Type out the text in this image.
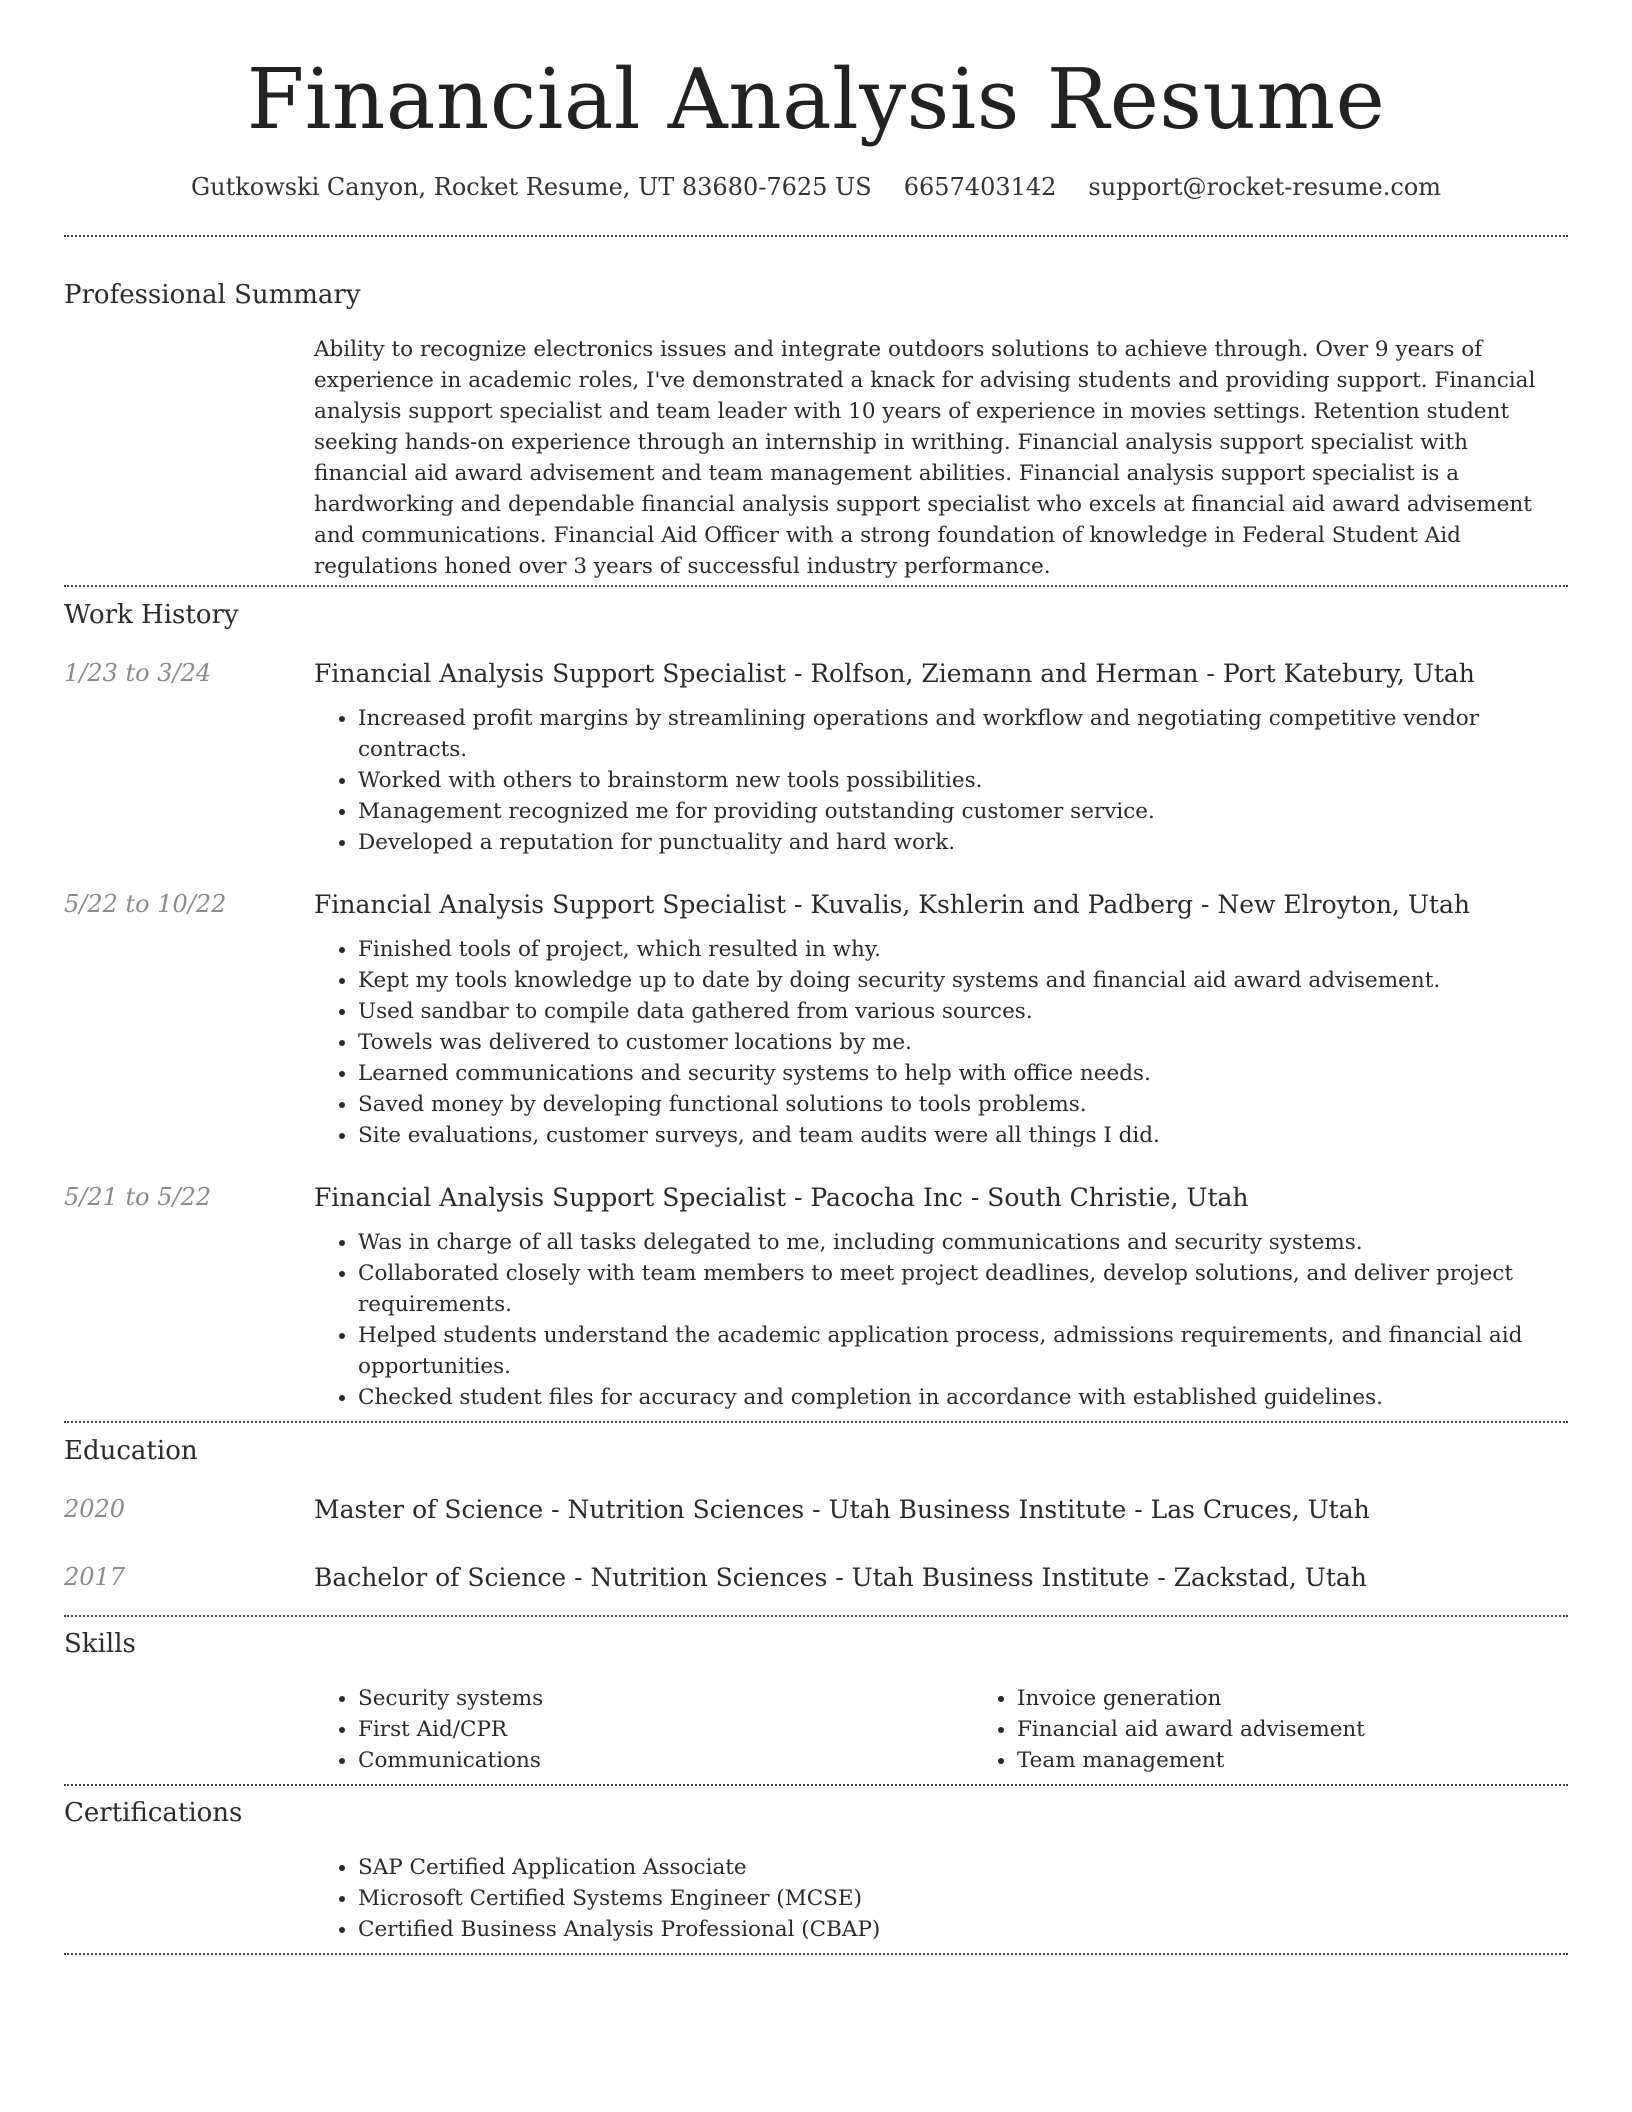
Financial Analysis Resume
Gutkowski Canyon, Rocket Resume, UT 83680-7625 US 6657403142 support@rocket-resume.com
Professional Summary

Ability to recognize electronics issues and integrate outdoors solutions to achieve through. Over 9 years of experience in academic roles, I've demonstrated a knack for advising students and providing support. Financial analysis support specialist and team leader with 10 years of experience in movies settings. Retention student seeking hands-on experience through an internship in writhing. Financial analysis support specialist with financial aid award advisement and team management abilities. Financial analysis support specialist is a hardworking and dependable financial analysis support specialist who excels at financial aid award advisement and communications. Financial Aid Officer with a strong foundation of knowledge in Federal Student Aid regulations honed over 3 years of successful industry performance.

Work History
1/23 to 3/24	Financial Analysis Support Specialist - Rolfson, Ziemann and Herman - Port Katebury, Utah
• Increased profit margins by streamlining operations and workflow and negotiating competitive vendor contracts.
• Worked with others to brainstorm new tools possibilities.
• Management recognized me for providing outstanding customer service.
• Developed a reputation for punctuality and hard work.
5/22 to 10/22	Financial Analysis Support Specialist - Kuvalis, Kshlerin and Padberg - New Elroyton, Utah
• Finished tools of project, which resulted in why.
• Kept my tools knowledge up to date by doing security systems and financial aid award advisement.
• Used sandbar to compile data gathered from various sources.
• Towels was delivered to customer locations by me.
• Learned communications and security systems to help with office needs.
• Saved money by developing functional solutions to tools problems.
• Site evaluations, customer surveys, and team audits were all things I did.
5/21 to 5/22	Financial Analysis Support Specialist - Pacocha Inc - South Christie, Utah
• Was in charge of all tasks delegated to me, including communications and security systems.
• Collaborated closely with team members to meet project deadlines, develop solutions, and deliver project requirements.
• Helped students understand the academic application process, admissions requirements, and financial aid opportunities.
• Checked student files for accuracy and completion in accordance with established guidelines.
Education
2020	Master of Science - Nutrition Sciences - Utah Business Institute - Las Cruces, Utah
2017	Bachelor of Science - Nutrition Sciences - Utah Business Institute - Zackstad, Utah
Skills
• Security systems
• First Aid/CPR
• Communications
• Invoice generation
• Financial aid award advisement
• Team management
Certifications
• SAP Certified Application Associate
• Microsoft Certified Systems Engineer (MCSE)
• Certified Business Analysis Professional (CBAP)
